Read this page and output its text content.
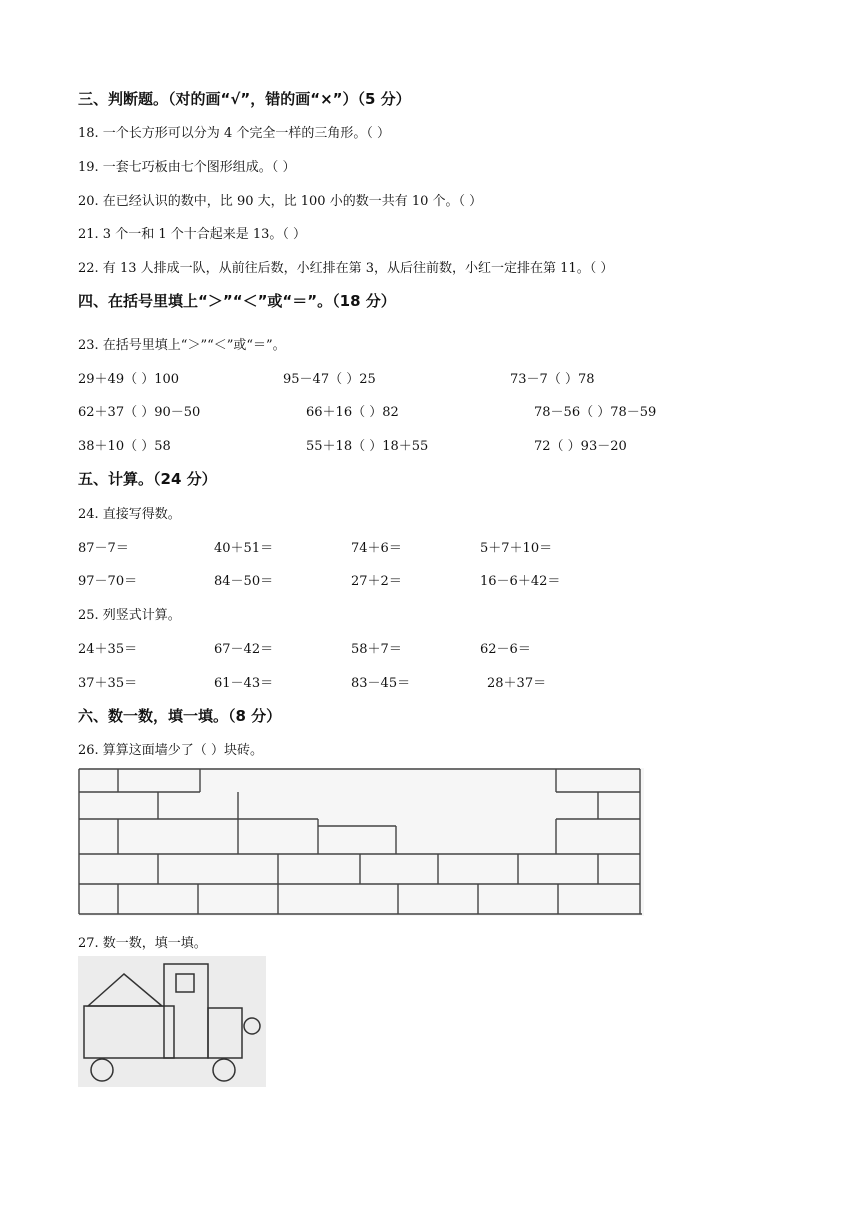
三、判断题。（对的画“√”，错的画“×”）（5 分）
18. 一个长方形可以分为 4 个完全一样的三角形。（ ）
19. 一套七巧板由七个图形组成。（ ）
20. 在已经认识的数中，比 90 大，比 100 小的数一共有 10 个。（ ）
21. 3 个一和 1 个十合起来是 13。（ ）
22. 有 13 人排成一队，从前往后数，小红排在第 3，从后往前数，小红一定排在第 11。（ ）
四、在括号里填上“＞”“＜”或“＝”。（18 分）
23. 在括号里填上“＞”“＜”或“＝”。
29＋49（ ）100	95－47（ ）25	73－7（ ）78
62＋37（ ）90－50	66＋16（ ）82	78－56（ ）78－59
38＋10（ ）58	55＋18（ ）18＋55	72（ ）93－20
五、计算。（24 分）
24. 直接写得数。
87－7＝	40＋51＝	74＋6＝	5＋7＋10＝
97－70＝	84－50＝	27＋2＝	16－6＋42＝
25. 列竖式计算。
24＋35＝	67－42＝	58＋7＝	62－6＝
37＋35＝	61－43＝	83－45＝	28＋37＝
六、数一数，填一填。（8 分）
26. 算算这面墙少了（ ）块砖。
27. 数一数，填一填。
